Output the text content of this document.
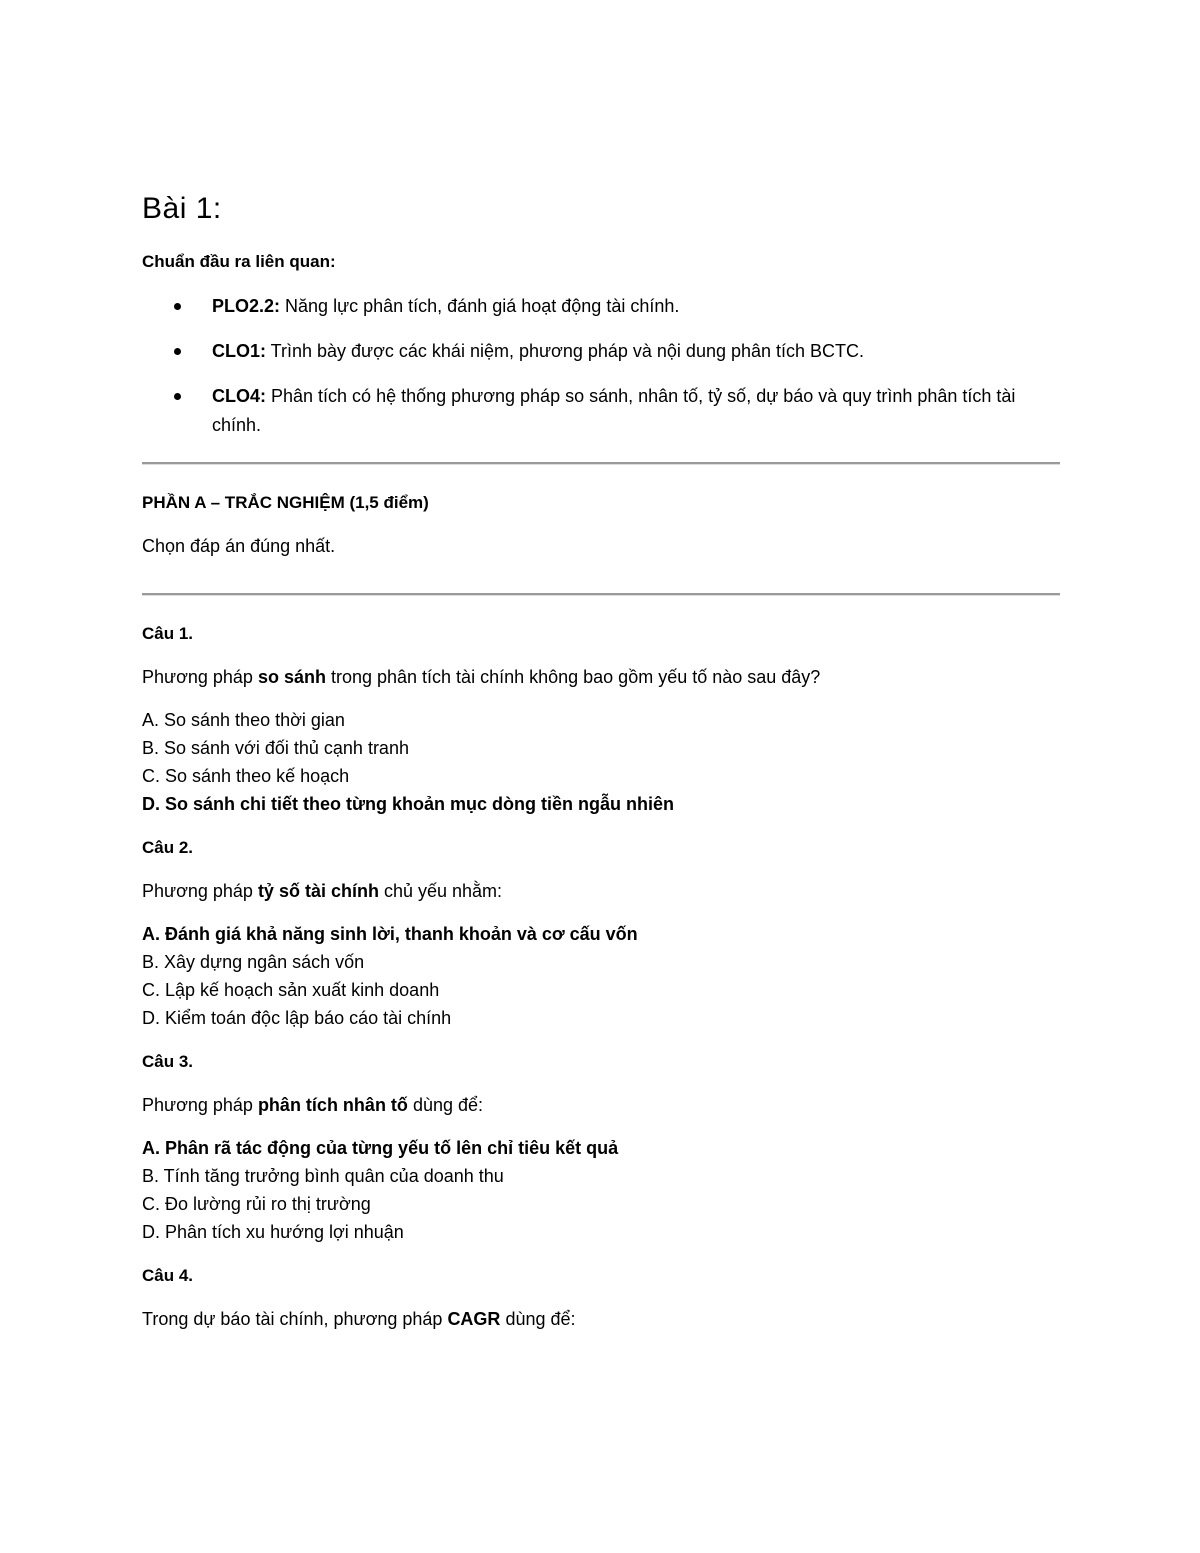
Bài 1:
Chuẩn đầu ra liên quan:
PLO2.2: Năng lực phân tích, đánh giá hoạt động tài chính.
CLO1: Trình bày được các khái niệm, phương pháp và nội dung phân tích BCTC.
CLO4: Phân tích có hệ thống phương pháp so sánh, nhân tố, tỷ số, dự báo và quy trình phân tích tài chính.
PHẦN A – TRẮC NGHIỆM (1,5 điểm)
Chọn đáp án đúng nhất.
Câu 1.
Phương pháp so sánh trong phân tích tài chính không bao gồm yếu tố nào sau đây?
A. So sánh theo thời gian
B. So sánh với đối thủ cạnh tranh
C. So sánh theo kế hoạch
D. So sánh chi tiết theo từng khoản mục dòng tiền ngẫu nhiên
Câu 2.
Phương pháp tỷ số tài chính chủ yếu nhằm:
A. Đánh giá khả năng sinh lời, thanh khoản và cơ cấu vốn
B. Xây dựng ngân sách vốn
C. Lập kế hoạch sản xuất kinh doanh
D. Kiểm toán độc lập báo cáo tài chính
Câu 3.
Phương pháp phân tích nhân tố dùng để:
A. Phân rã tác động của từng yếu tố lên chỉ tiêu kết quả
B. Tính tăng trưởng bình quân của doanh thu
C. Đo lường rủi ro thị trường
D. Phân tích xu hướng lợi nhuận
Câu 4.
Trong dự báo tài chính, phương pháp CAGR dùng để:
